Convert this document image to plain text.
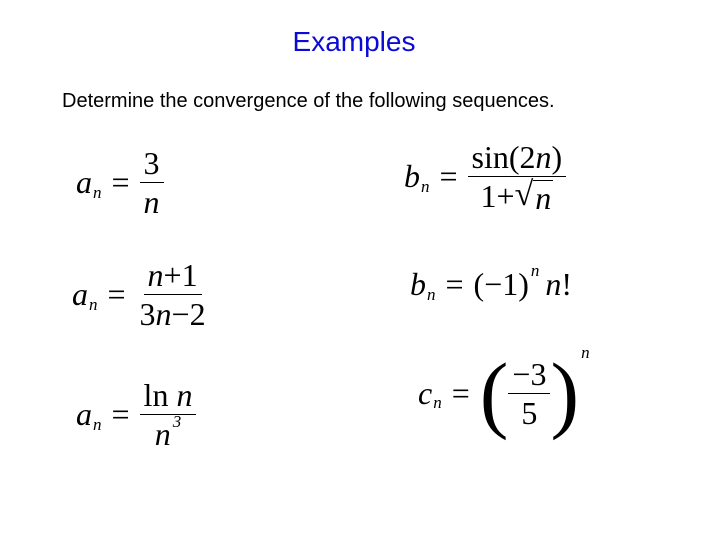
Examples
Determine the convergence of the following sequences.
a $n = \frac{3}{n}$
a $n = \frac{n +1}{3 n -2}$
a n = ln
n
n 3
b $n = \frac{\sin(2 n )}{1+ √ n}$
b n = (−1) n n !
c n = ( $\frac{-3}{5}$ ) n
